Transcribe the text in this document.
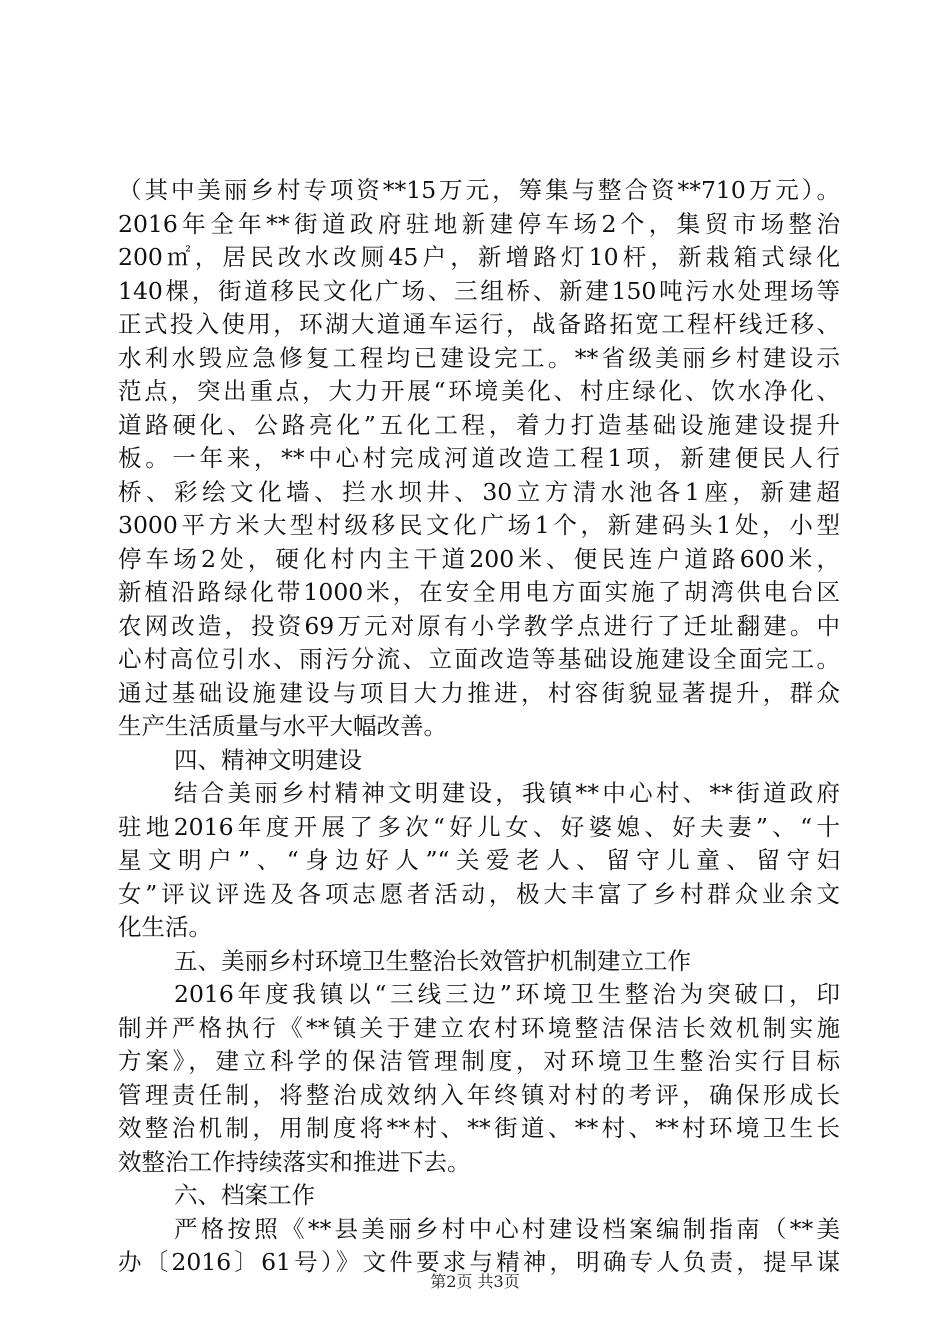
（其中美丽乡村专项资**15万元，筹集与整合资**710万元）。
2016年全年**街道政府驻地新建停车场2个，集贸市场整治
200㎡，居民改水改厕45户，新增路灯10杆，新栽箱式绿化
140棵，街道移民文化广场、三组桥、新建150吨污水处理场等
正式投入使用，环湖大道通车运行，战备路拓宽工程杆线迁移、
水利水毁应急修复工程均已建设完工。**省级美丽乡村建设示
范点，突出重点，大力开展“环境美化、村庄绿化、饮水净化、
道路硬化、公路亮化”五化工程，着力打造基础设施建设提升
板。一年来，**中心村完成河道改造工程1项，新建便民人行
桥、彩绘文化墙、拦水坝井、30立方清水池各1座，新建超
3000平方米大型村级移民文化广场1个，新建码头1处，小型
停车场2处，硬化村内主干道200米、便民连户道路600米，
新植沿路绿化带1000米，在安全用电方面实施了胡湾供电台区
农网改造，投资69万元对原有小学教学点进行了迁址翻建。中
心村高位引水、雨污分流、立面改造等基础设施建设全面完工。
通过基础设施建设与项目大力推进，村容街貌显著提升，群众
生产生活质量与水平大幅改善。
四、精神文明建设
结合美丽乡村精神文明建设，我镇**中心村、**街道政府
驻地2016年度开展了多次“好儿女、好婆媳、好夫妻”、“十
星文明户”、“身边好人”“关爱老人、留守儿童、留守妇
女”评议评选及各项志愿者活动，极大丰富了乡村群众业余文
化生活。
五、美丽乡村环境卫生整治长效管护机制建立工作
2016年度我镇以“三线三边”环境卫生整治为突破口，印
制并严格执行《**镇关于建立农村环境整洁保洁长效机制实施
方案》，建立科学的保洁管理制度，对环境卫生整治实行目标
管理责任制，将整治成效纳入年终镇对村的考评，确保形成长
效整治机制，用制度将**村、**街道、**村、**村环境卫生长
效整治工作持续落实和推进下去。
六、档案工作
严格按照《**县美丽乡村中心村建设档案编制指南（**美
办〔2016〕61号）》文件要求与精神，明确专人负责，提早谋
第2页 共3页
